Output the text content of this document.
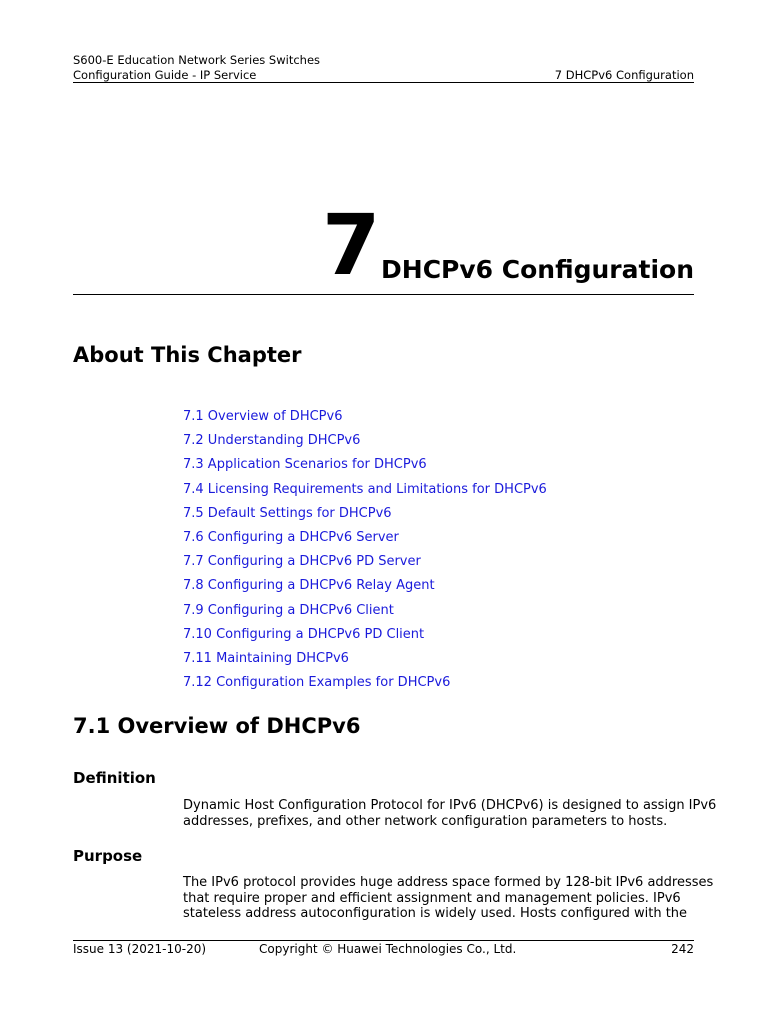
S600-E Education Network Series Switches
Configuration Guide - IP Service	7 DHCPv6 Configuration
7 DHCPv6 Configuration
About This Chapter
7.1 Overview of DHCPv6
7.2 Understanding DHCPv6
7.3 Application Scenarios for DHCPv6
7.4 Licensing Requirements and Limitations for DHCPv6
7.5 Default Settings for DHCPv6
7.6 Configuring a DHCPv6 Server
7.7 Configuring a DHCPv6 PD Server
7.8 Configuring a DHCPv6 Relay Agent
7.9 Configuring a DHCPv6 Client
7.10 Configuring a DHCPv6 PD Client
7.11 Maintaining DHCPv6
7.12 Configuration Examples for DHCPv6
7.1 Overview of DHCPv6
Definition
Dynamic Host Configuration Protocol for IPv6 (DHCPv6) is designed to assign IPv6
addresses, prefixes, and other network configuration parameters to hosts.
Purpose
The IPv6 protocol provides huge address space formed by 128-bit IPv6 addresses
that require proper and efficient assignment and management policies. IPv6
stateless address autoconfiguration is widely used. Hosts configured with the
Issue 13 (2021-10-20)	Copyright © Huawei Technologies Co., Ltd.	242
